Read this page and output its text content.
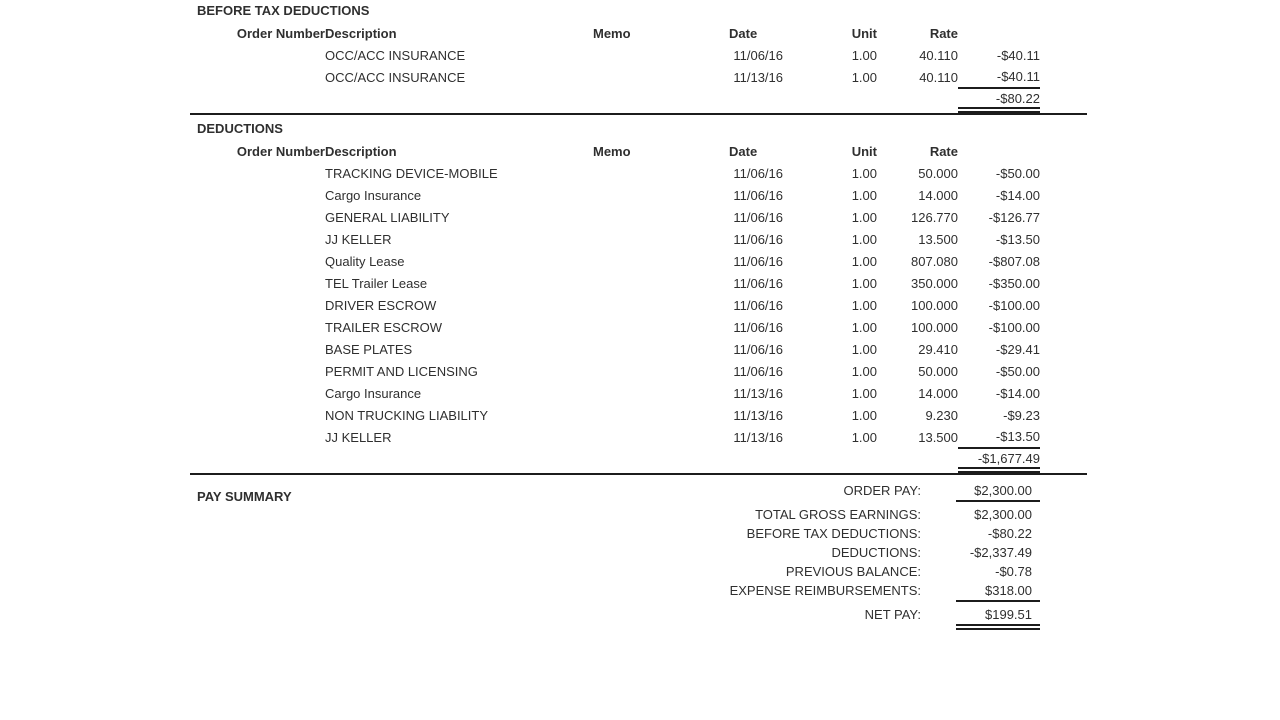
BEFORE TAX DEDUCTIONS
Order Number	Description	Memo	Date	Unit	Rate	
	OCC/ACC INSURANCE		11/06/16	1.00	40.110	-$40.11
	OCC/ACC INSURANCE		11/13/16	1.00	40.110	-$40.11
						-$80.22
DEDUCTIONS
Order Number	Description	Memo	Date	Unit	Rate	
	TRACKING DEVICE-MOBILE		11/06/16	1.00	50.000	-$50.00
	Cargo Insurance		11/06/16	1.00	14.000	-$14.00
	GENERAL LIABILITY		11/06/16	1.00	126.770	-$126.77
	JJ KELLER		11/06/16	1.00	13.500	-$13.50
	Quality Lease		11/06/16	1.00	807.080	-$807.08
	TEL Trailer Lease		11/06/16	1.00	350.000	-$350.00
	DRIVER ESCROW		11/06/16	1.00	100.000	-$100.00
	TRAILER ESCROW		11/06/16	1.00	100.000	-$100.00
	BASE PLATES		11/06/16	1.00	29.410	-$29.41
	PERMIT AND LICENSING		11/06/16	1.00	50.000	-$50.00
	Cargo Insurance		11/13/16	1.00	14.000	-$14.00
	NON TRUCKING LIABILITY		11/13/16	1.00	9.230	-$9.23
	JJ KELLER		11/13/16	1.00	13.500	-$13.50
						-$1,677.49
PAY SUMMARY	ORDER PAY:	$2,300.00
TOTAL GROSS EARNINGS:	$2,300.00
BEFORE TAX DEDUCTIONS:	-$80.22
DEDUCTIONS:	-$2,337.49
PREVIOUS BALANCE:	-$0.78
EXPENSE REIMBURSEMENTS:	$318.00
NET PAY:	$199.51
